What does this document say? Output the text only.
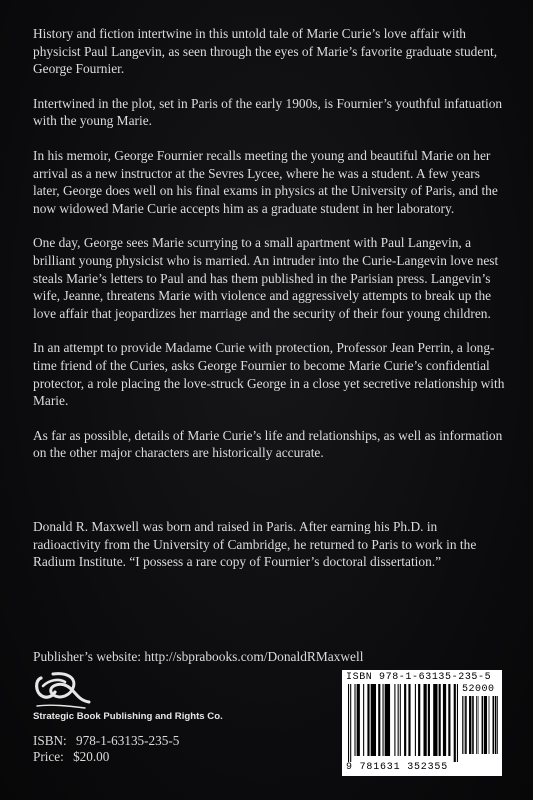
History and fiction intertwine in this untold tale of Marie Curie’s love affair with physicist Paul Langevin, as seen through the eyes of Marie’s favorite graduate student, George Fournier.

Intertwined in the plot, set in Paris of the early 1900s, is Fournier’s youthful infatuation with the young Marie.

In his memoir, George Fournier recalls meeting the young and beautiful Marie on her arrival as a new instructor at the Sevres Lycee, where he was a student. A few years later, George does well on his final exams in physics at the University of Paris, and the now widowed Marie Curie accepts him as a graduate student in her laboratory.

One day, George sees Marie scurrying to a small apartment with Paul Langevin, a brilliant young physicist who is married. An intruder into the Curie-Langevin love nest steals Marie’s letters to Paul and has them published in the Parisian press. Langevin’s wife, Jeanne, threatens Marie with violence and aggressively attempts to break up the love affair that jeopardizes her marriage and the security of their four young children.

In an attempt to provide Madame Curie with protection, Professor Jean Perrin, a long-time friend of the Curies, asks George Fournier to become Marie Curie’s confidential protector, a role placing the love-struck George in a close yet secretive relationship with Marie.

As far as possible, details of Marie Curie’s life and relationships, as well as information on the other major characters are historically accurate.

Donald R. Maxwell was born and raised in Paris. After earning his Ph.D. in radioactivity from the University of Cambridge, he returned to Paris to work in the Radium Institute. “I possess a rare copy of Fournier’s doctoral dissertation.”

Publisher’s website: http://sbprabooks.com/DonaldRMaxwell
Strategic Book Publishing and Rights Co.
ISBN: 978-1-63135-235-5
Price: $20.00
ISBN 978-1-63135-235-5
52000
9 781631 352355
